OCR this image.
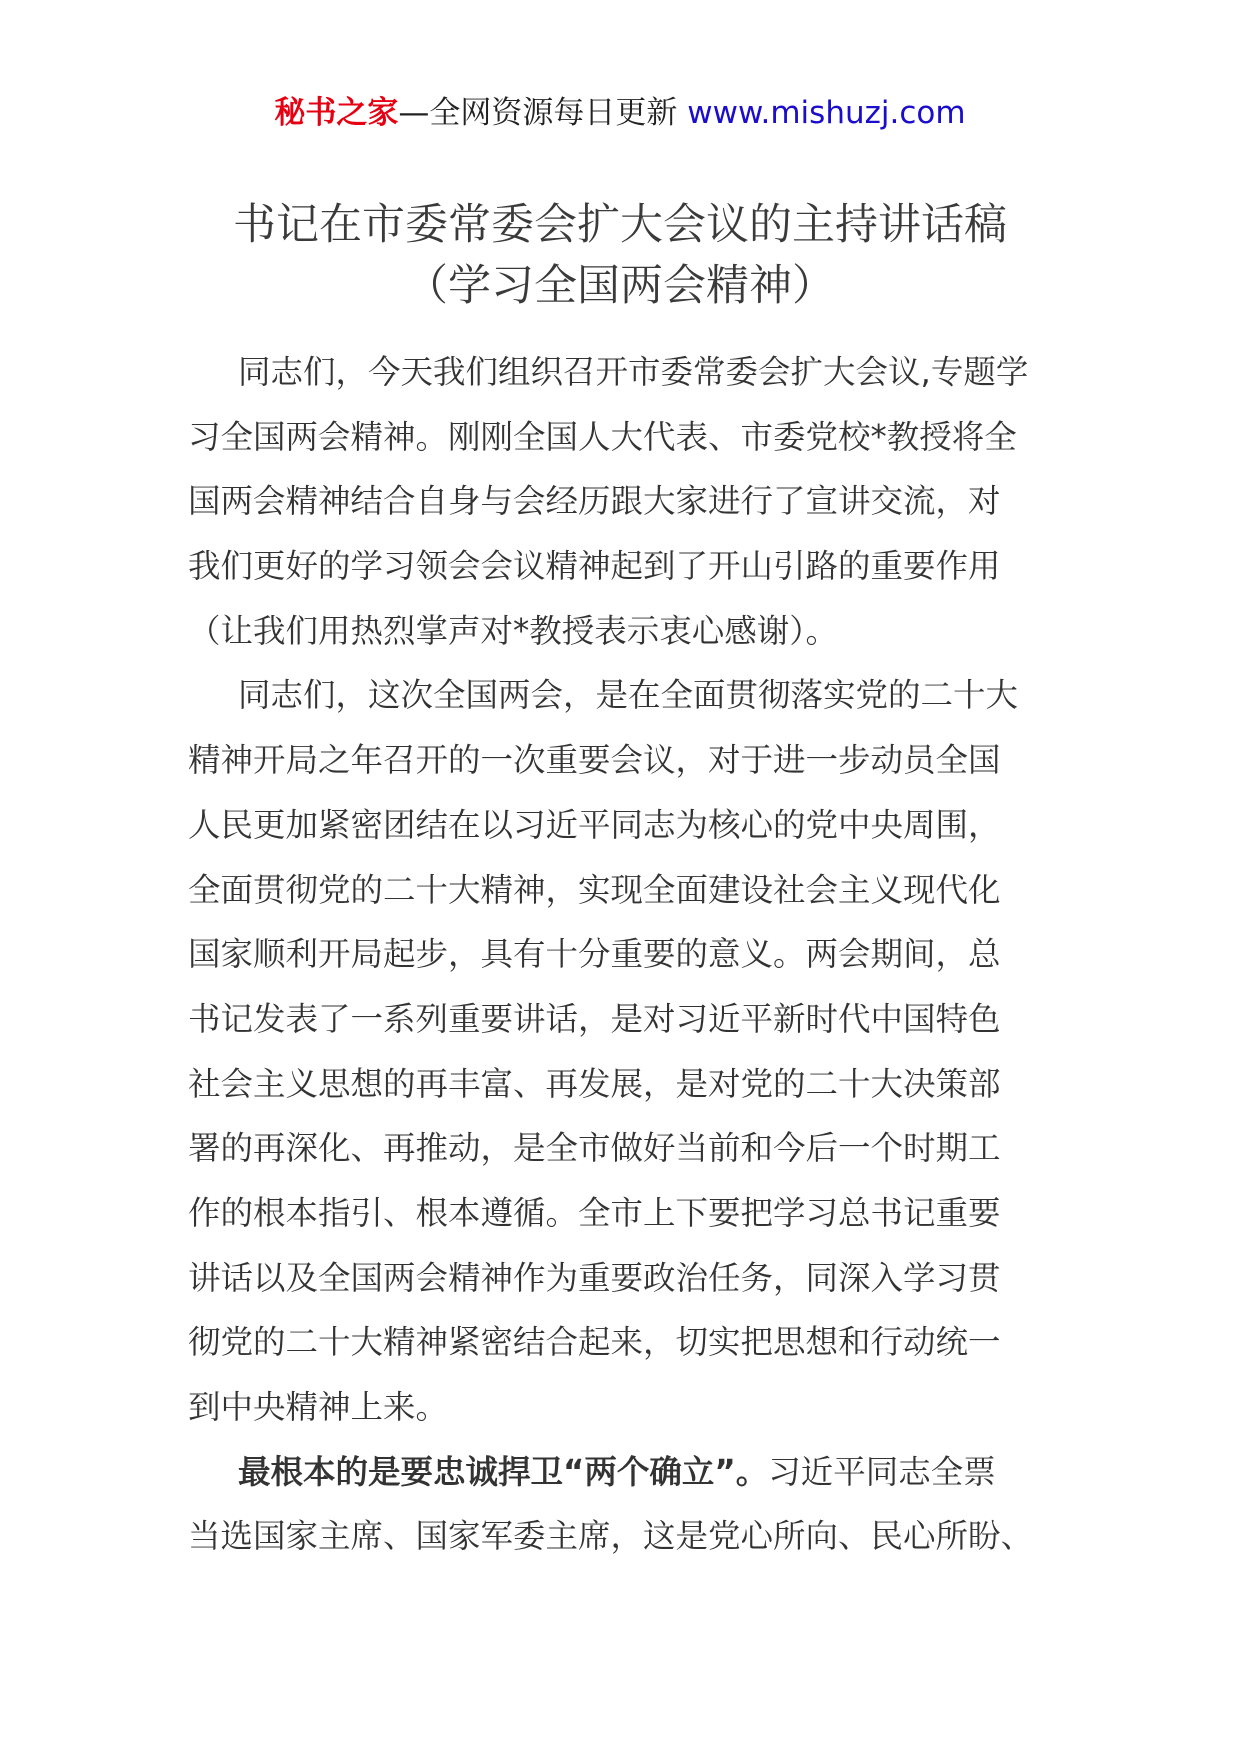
秘书之家—全网资源每日更新 www.mishuzj.com
书记在市委常委会扩大会议的主持讲话稿
（学习全国两会精神）
同志们，今天我们组织召开市委常委会扩大会议,专题学
习全国两会精神。刚刚全国人大代表、市委党校*教授将全
国两会精神结合自身与会经历跟大家进行了宣讲交流，对
我们更好的学习领会会议精神起到了开山引路的重要作用
（让我们用热烈掌声对*教授表示衷心感谢）。
同志们，这次全国两会，是在全面贯彻落实党的二十大
精神开局之年召开的一次重要会议，对于进一步动员全国
人民更加紧密团结在以习近平同志为核心的党中央周围，
全面贯彻党的二十大精神，实现全面建设社会主义现代化
国家顺利开局起步，具有十分重要的意义。两会期间，总
书记发表了一系列重要讲话，是对习近平新时代中国特色
社会主义思想的再丰富、再发展，是对党的二十大决策部
署的再深化、再推动，是全市做好当前和今后一个时期工
作的根本指引、根本遵循。全市上下要把学习总书记重要
讲话以及全国两会精神作为重要政治任务，同深入学习贯
彻党的二十大精神紧密结合起来，切实把思想和行动统一
到中央精神上来。
最根本的是要忠诚捍卫“两个确立”。习近平同志全票
当选国家主席、国家军委主席，这是党心所向、民心所盼、
